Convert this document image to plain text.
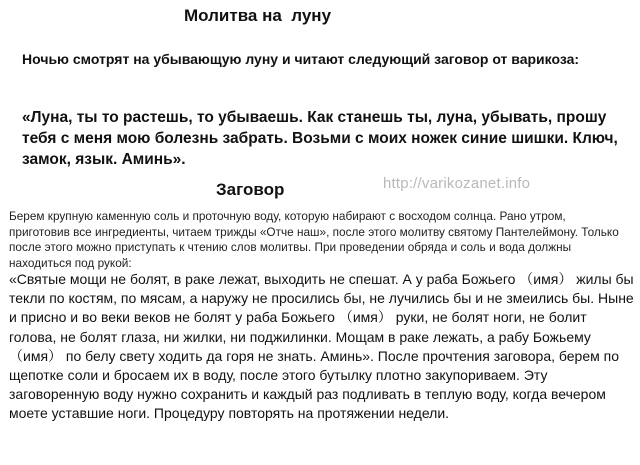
Молитва на  луну
Ночью смотрят на убывающую луну и читают следующий заговор от варикоза:
«Луна, ты то растешь, то убываешь. Как станешь ты, луна, убывать, прошу тебя с меня мою болезнь забрать. Возьми с моих ножек синие шишки. Ключ, замок, язык. Аминь».
Заговор	http://varikozanet.info
Берем крупную каменную соль и проточную воду, которую набирают с восходом солнца. Рано утром, приготовив все ингредиенты, читаем трижды «Отче наш», после этого молитву святому Пантелеймону. Только после этого можно приступать к чтению слов молитвы. При проведении обряда и соль и вода должны находиться под рукой:
«Святые мощи не болят, в раке лежат, выходить не спешат. А у раба Божьего （имя） жилы бы текли по костям, по мясам, а наружу не просились бы, не лучились бы и не змеились бы. Ныне и присно и во веки веков не болят у раба Божьего （имя） руки, не болят ноги, не болит голова, не болят глаза, ни жилки, ни поджилинки. Мощам в раке лежать, а рабу Божьему （имя） по белу свету ходить да горя не знать. Аминь». После прочтения заговора, берем по щепотке соли и бросаем их в воду, после этого бутылку плотно закупориваем. Эту заговоренную воду нужно сохранить и каждый раз подливать в теплую воду, когда вечером моете уставшие ноги. Процедуру повторять на протяжении недели.
